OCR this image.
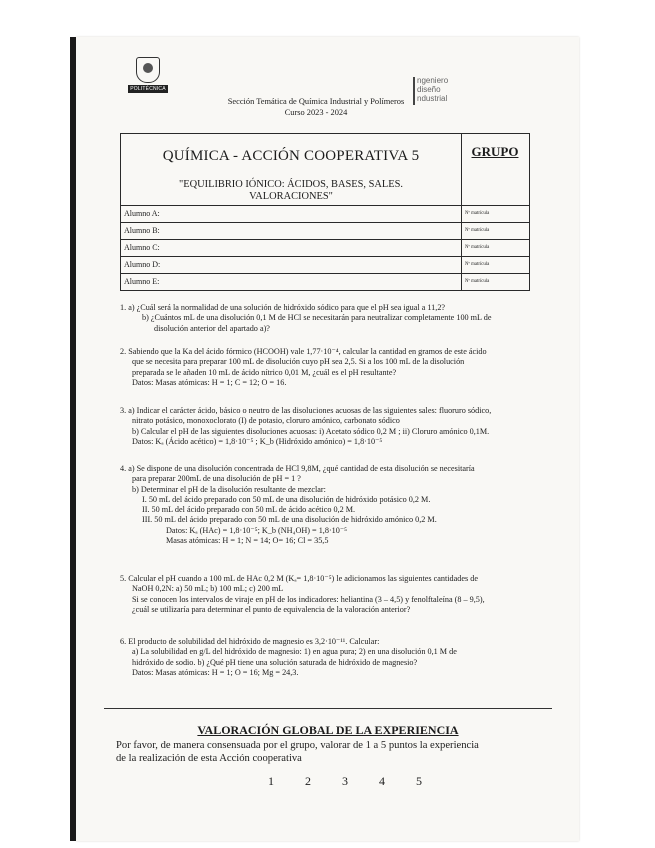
POLITÉCNICA
ngeniero
diseño
ndustrial
Sección Temática de Química Industrial y Polímeros
Curso 2023 - 2024
QUÍMICA - ACCIÓN COOPERATIVA 5	GRUPO
"EQUILIBRIO IÓNICO: ÁCIDOS, BASES, SALES.
VALORACIONES"
Alumno A:	Nº matrícula
Alumno B:	Nº matrícula
Alumno C:	Nº matrícula
Alumno D:	Nº matrícula
Alumno E:	Nº matrícula

1. a) ¿Cuál será la normalidad de una solución de hidróxido sódico para que el pH sea igual a 11,2?

b) ¿Cuántos mL de una disolución 0,1 M de HCl se necesitarán para neutralizar completamente 100 mL de

disolución anterior del apartado a)?

2. Sabiendo que la Ka del ácido fórmico (HCOOH) vale 1,77·10⁻⁴, calcular la cantidad en gramos de este ácido

que se necesita para preparar 100 mL de disolución cuyo pH sea 2,5. Si a los 100 mL de la disolución

preparada se le añaden 10 mL de ácido nítrico 0,01 M, ¿cuál es el pH resultante?

Datos: Masas atómicas: H = 1; C = 12; O = 16.

3. a) Indicar el carácter ácido, básico o neutro de las disoluciones acuosas de las siguientes sales: fluoruro sódico,

nitrato potásico, monoxoclorato (I) de potasio, cloruro amónico, carbonato sódico

b) Calcular el pH de las siguientes disoluciones acuosas: i) Acetato sódico 0,2 M ; ii) Cloruro amónico 0,1M.

Datos: Kₐ (Ácido acético) = 1,8·10⁻⁵ ; K_b (Hidróxido amónico) = 1,8·10⁻⁵

4. a) Se dispone de una disolución concentrada de HCl 9,8M, ¿qué cantidad de esta disolución se necesitaría

para preparar 200mL de una disolución de pH = 1 ?

b) Determinar el pH de la disolución resultante de mezclar:

I. 50 mL del ácido preparado con 50 mL de una disolución de hidróxido potásico 0,2 M.

II. 50 mL del ácido preparado con 50 mL de ácido acético 0,2 M.

III. 50 mL del ácido preparado con 50 mL de una disolución de hidróxido amónico 0,2 M.

Datos: Kₐ (HAc) = 1,8·10⁻⁵; K_b (NH₄OH) = 1,8·10⁻⁵

Masas atómicas: H = 1; N = 14; O= 16; Cl = 35,5

5. Calcular el pH cuando a 100 mL de HAc 0,2 M (Kₐ= 1,8·10⁻⁵) le adicionamos las siguientes cantidades de

NaOH 0,2N: a) 50 mL; b) 100 mL; c) 200 mL

Si se conocen los intervalos de viraje en pH de los indicadores: heliantina (3 – 4,5) y fenolftaleína (8 – 9,5),

¿cuál se utilizaría para determinar el punto de equivalencia de la valoración anterior?

6. El producto de solubilidad del hidróxido de magnesio es 3,2·10⁻¹¹. Calcular:

a) La solubilidad en g/L del hidróxido de magnesio: 1) en agua pura; 2) en una disolución 0,1 M de

hidróxido de sodio. b) ¿Qué pH tiene una solución saturada de hidróxido de magnesio?

Datos: Masas atómicas: H = 1; O = 16; Mg = 24,3.

VALORACIÓN GLOBAL DE LA EXPERIENCIA
Por favor, de manera consensuada por el grupo, valorar de 1 a 5 puntos la experiencia
de la realización de esta Acción cooperativa
1	2	3	4	5
